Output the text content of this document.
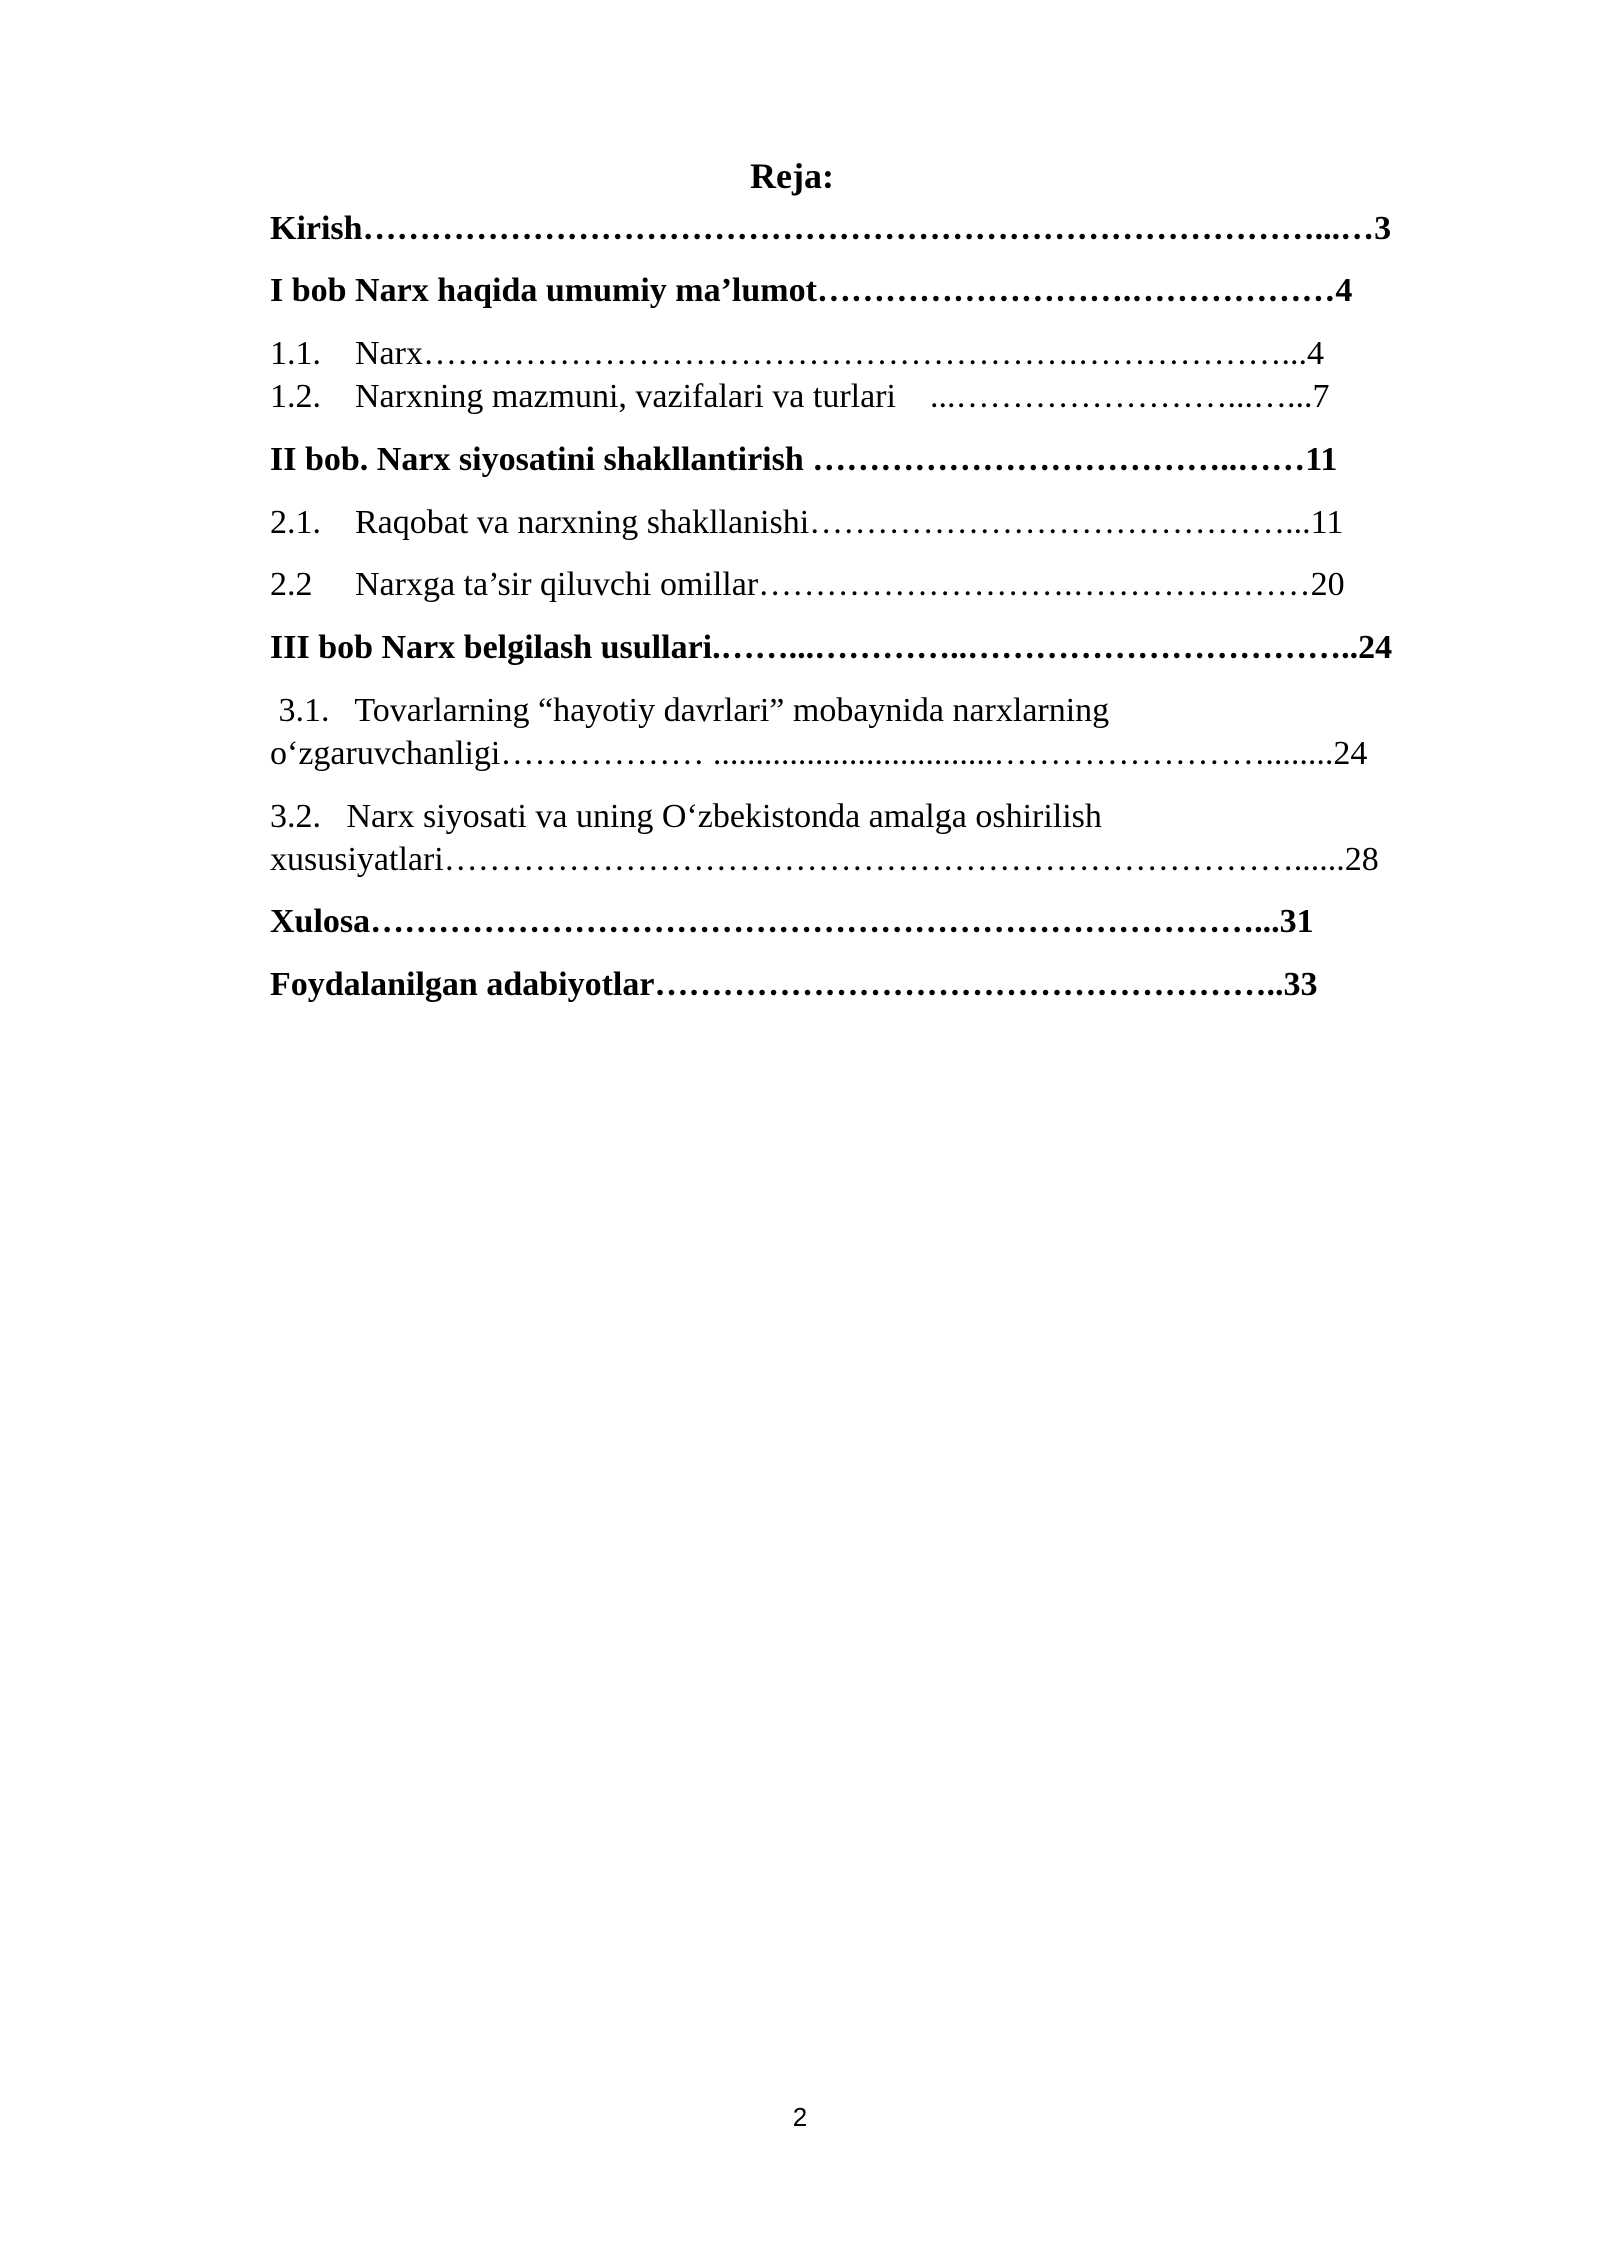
Reja:
Kirish…………………………………………………………………………...…3
I bob Narx haqida umumiy ma’lumot……………………….………………4
1.1.    Narx………………………………………………….………………...4
1.2.    Narxning mazmuni, vazifalari va turlari    ...……………………...…...7
II bob. Narx siyosatini shakllantirish ………………………………..……11
2.1.    Raqobat va narxning shakllanishi……………………………………...11
2.2     Narxga ta’sir qiluvchi omillar……………………….…………………20
III bob Narx belgilash usullari.……...…………..……………………………..24
3.1.   Tovarlarning “hayotiy davrlari” mobaynida narxlarning
o‘zgaruvchanligi……………… .................................……………………........24
3.2.   Narx siyosati va uning O‘zbekistonda amalga oshirilish
xususiyatlari…………………………………………………………………......28
Xulosa……………………………………………………………………...31
Foydalanilgan adabiyotlar………………………………………………..33
2
